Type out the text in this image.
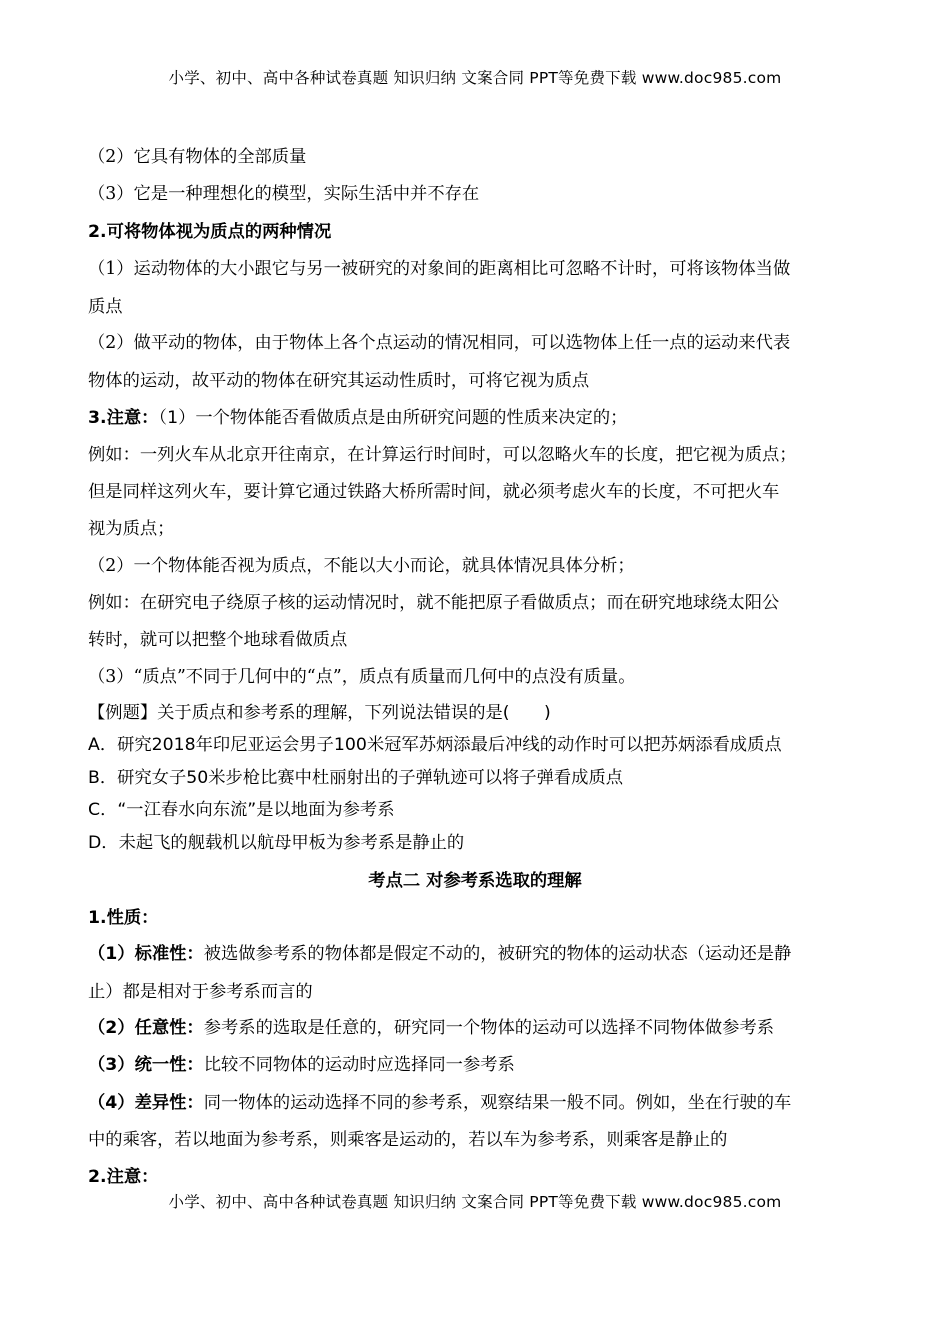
小学、初中、高中各种试卷真题 知识归纳 文案合同 PPT等免费下载 www.doc985.com
（2）它具有物体的全部质量
（3）它是一种理想化的模型，实际生活中并不存在
2.可将物体视为质点的两种情况
（1）运动物体的大小跟它与另一被研究的对象间的距离相比可忽略不计时，可将该物体当做
质点
（2）做平动的物体，由于物体上各个点运动的情况相同，可以选物体上任一点的运动来代表
物体的运动，故平动的物体在研究其运动性质时，可将它视为质点
3.注意：（1）一个物体能否看做质点是由所研究问题的性质来决定的；
例如：一列火车从北京开往南京，在计算运行时间时，可以忽略火车的长度，把它视为质点；
但是同样这列火车，要计算它通过铁路大桥所需时间，就必须考虑火车的长度，不可把火车
视为质点；
（2）一个物体能否视为质点，不能以大小而论，就具体情况具体分析；
例如：在研究电子绕原子核的运动情况时，就不能把原子看做质点；而在研究地球绕太阳公
转时，就可以把整个地球看做质点
（3）“质点”不同于几何中的“点”，质点有质量而几何中的点没有质量。
【例题】关于质点和参考系的理解，下列说法错误的是(　　)
A．研究2018年印尼亚运会男子100米冠军苏炳添最后冲线的动作时可以把苏炳添看成质点
B．研究女子50米步枪比赛中杜丽射出的子弹轨迹可以将子弹看成质点
C．“一江春水向东流”是以地面为参考系
D．未起飞的舰载机以航母甲板为参考系是静止的
考点二 对参考系选取的理解
1.性质：
（1）标准性：被选做参考系的物体都是假定不动的，被研究的物体的运动状态（运动还是静
止）都是相对于参考系而言的
（2）任意性：参考系的选取是任意的，研究同一个物体的运动可以选择不同物体做参考系
（3）统一性：比较不同物体的运动时应选择同一参考系
（4）差异性：同一物体的运动选择不同的参考系，观察结果一般不同。例如，坐在行驶的车
中的乘客，若以地面为参考系，则乘客是运动的，若以车为参考系，则乘客是静止的
2.注意：
小学、初中、高中各种试卷真题 知识归纳 文案合同 PPT等免费下载 www.doc985.com
